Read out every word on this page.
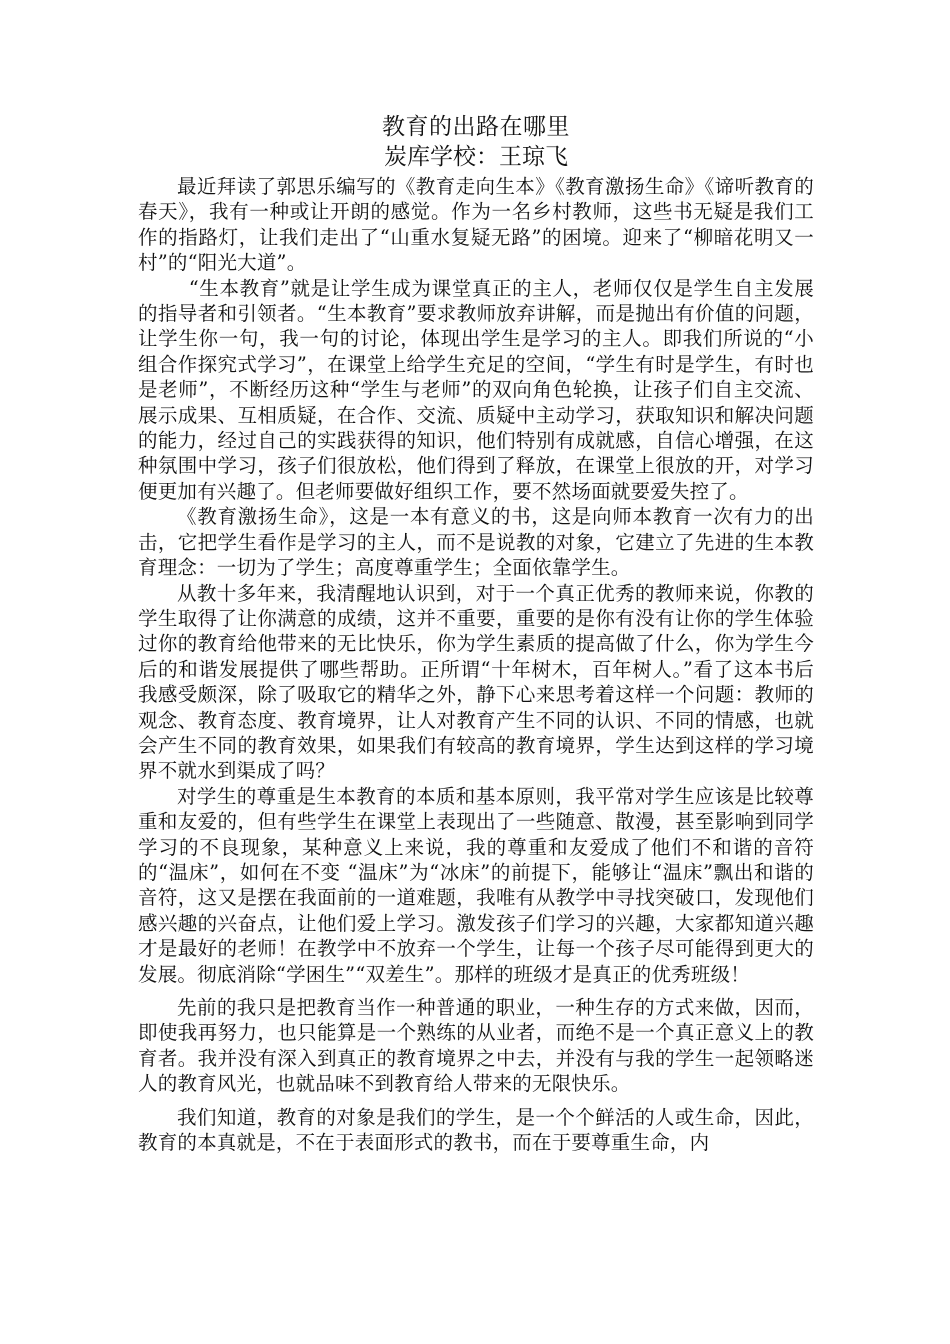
教育的出路在哪里
炭库学校：王琼飞

最近拜读了郭思乐编写的《教育走向生本》《教育激扬生命》《谛听教育的春天》，我有一种或让开朗的感觉。作为一名乡村教师，这些书无疑是我们工作的指路灯，让我们走出了“山重水复疑无路”的困境。迎来了“柳暗花明又一村”的“阳光大道”。

“生本教育”就是让学生成为课堂真正的主人，老师仅仅是学生自主发展的指导者和引领者。“生本教育”要求教师放弃讲解，而是抛出有价值的问题，让学生你一句，我一句的讨论，体现出学生是学习的主人。即我们所说的“小组合作探究式学习”，在课堂上给学生充足的空间，“学生有时是学生，有时也是老师”，不断经历这种“学生与老师”的双向角色轮换，让孩子们自主交流、展示成果、互相质疑，在合作、交流、质疑中主动学习，获取知识和解决问题的能力，经过自己的实践获得的知识，他们特别有成就感，自信心增强，在这种氛围中学习，孩子们很放松，他们得到了释放，在课堂上很放的开，对学习便更加有兴趣了。但老师要做好组织工作，要不然场面就要爱失控了。

《教育激扬生命》，这是一本有意义的书，这是向师本教育一次有力的出击，它把学生看作是学习的主人，而不是说教的对象，它建立了先进的生本教育理念：一切为了学生；高度尊重学生；全面依靠学生。

从教十多年来，我清醒地认识到，对于一个真正优秀的教师来说，你教的学生取得了让你满意的成绩，这并不重要，重要的是你有没有让你的学生体验过你的教育给他带来的无比快乐，你为学生素质的提高做了什么，你为学生今后的和谐发展提供了哪些帮助。正所谓“十年树木，百年树人。”看了这本书后我感受颇深，除了吸取它的精华之外，静下心来思考着这样一个问题：教师的观念、教育态度、教育境界，让人对教育产生不同的认识、不同的情感，也就会产生不同的教育效果，如果我们有较高的教育境界，学生达到这样的学习境界不就水到渠成了吗？

对学生的尊重是生本教育的本质和基本原则，我平常对学生应该是比较尊重和友爱的，但有些学生在课堂上表现出了一些随意、散漫，甚至影响到同学学习的不良现象，某种意义上来说，我的尊重和友爱成了他们不和谐的音符的“温床”，如何在不变 “温床”为“冰床”的前提下，能够让“温床”飘出和谐的音符，这又是摆在我面前的一道难题，我唯有从教学中寻找突破口，发现他们感兴趣的兴奋点，让他们爱上学习。激发孩子们学习的兴趣，大家都知道兴趣才是最好的老师！在教学中不放弃一个学生，让每一个孩子尽可能得到更大的发展。彻底消除“学困生”“双差生”。那样的班级才是真正的优秀班级！

先前的我只是把教育当作一种普通的职业，一种生存的方式来做，因而，即使我再努力，也只能算是一个熟练的从业者，而绝不是一个真正意义上的教育者。我并没有深入到真正的教育境界之中去，并没有与我的学生一起领略迷人的教育风光，也就品味不到教育给人带来的无限快乐。

我们知道，教育的对象是我们的学生，是一个个鲜活的人或生命，因此，教育的本真就是，不在于表面形式的教书，而在于要尊重生命，内
